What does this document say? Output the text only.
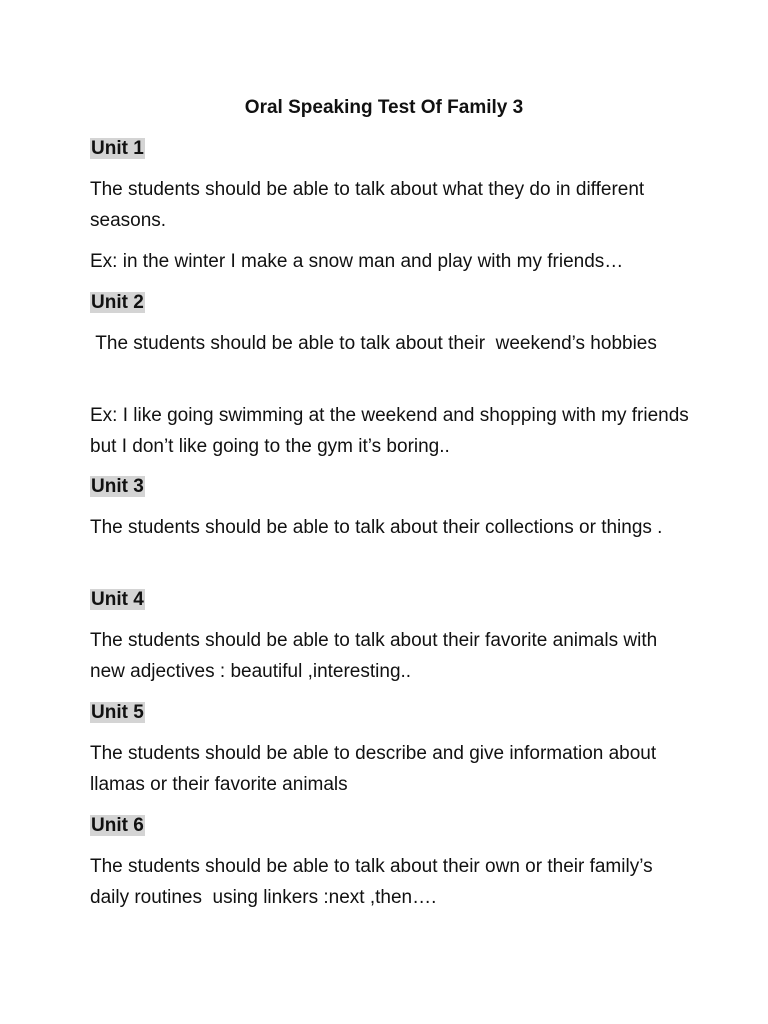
Oral Speaking Test Of Family 3
Unit 1

The students should be able to talk about what they do in different seasons.

Ex: in the winter I make a snow man and play with my friends…

Unit 2

The students should be able to talk about their  weekend’s hobbies

Ex: I like going swimming at the weekend and shopping with my friends but I don’t like going to the gym it’s boring..

Unit 3

The students should be able to talk about their collections or things .

Unit 4

The students should be able to talk about their favorite animals with new adjectives : beautiful ,interesting..

Unit 5

The students should be able to describe and give information about llamas or their favorite animals

Unit 6

The students should be able to talk about their own or their family’s daily routines  using linkers :next ,then….
